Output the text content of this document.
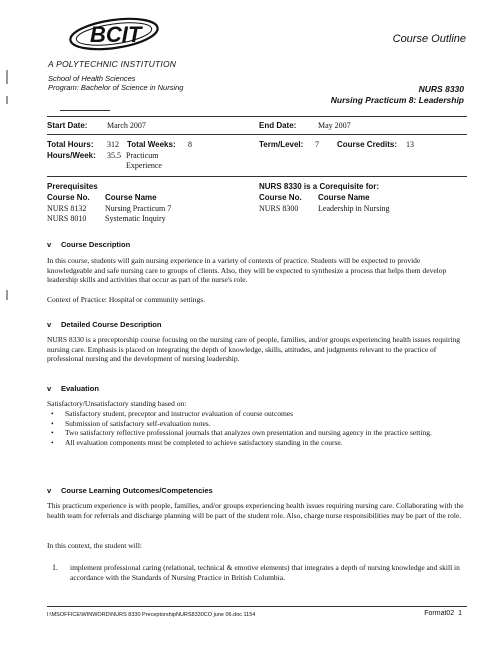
BCIT	Course Outline
A POLYTECHNIC INSTITUTION
School of Health Sciences
Program: Bachelor of Science in Nursing	NURS 8330
Nursing Practicum 8: Leadership
Start Date: March 2007	End Date:	May 2007
Total Hours: 312 Total Weeks: 8	Term/Level: 7 Course Credits: 13
Hours/Week: 35.5 Practicum
Experience
Prerequisites
Course No. Course Name
NURS 8132 Nursing Practicum 7
NURS 8010 Systematic Inquiry
NURS 8330 is a Corequisite for:
Course No. Course Name
NURS 8300 Leadership in Nursing
v Course Description
In this course, students will gain nursing experience in a variety of contexts of practice. Students will be expected to provide knowledgeable and safe nursing care to groups of clients. Also, they will be expected to synthesize a process that helps them develop leadership skills and activities that occur as part of the nurse's role.
Context of Practice: Hospital or community settings.
v Detailed Course Description
NURS 8330 is a preceptorship course focusing on the nursing care of people, families, and/or groups experiencing health issues requiring nursing care. Emphasis is placed on integrating the depth of knowledge, skills, attitudes, and judgments relevant to the practice of professional nursing and the development of nursing leadership.
v Evaluation
Satisfactory/Unsatisfactory standing based on:
• Satisfactory student, preceptor and instructor evaluation of course outcomes
• Submission of satisfactory self-evaluation notes.
• Two satisfactory reflective professional journals that analyzes own presentation and nursing agency in the practice setting.
• All evaluation components must be completed to achieve satisfactory standing in the course.
v Course Learning Outcomes/Competencies
This practicum experience is with people, families, and/or groups experiencing health issues requiring nursing care. Collaborating with the health team for referrals and discharge planning will be part of the student role. Also, charge nurse responsibilities may be part of the role.
In this context, the student will:
1. implement professional caring (relational, technical & emotive elements) that integrates a depth of nursing knowledge and skill in accordance with the Standards of Nursing Practice in British Columbia.
I:\MSOFFICE\WINWORD\NURS 8330 PreceptorshipNURS8330CO june 06.doc 1154	Format02 1
